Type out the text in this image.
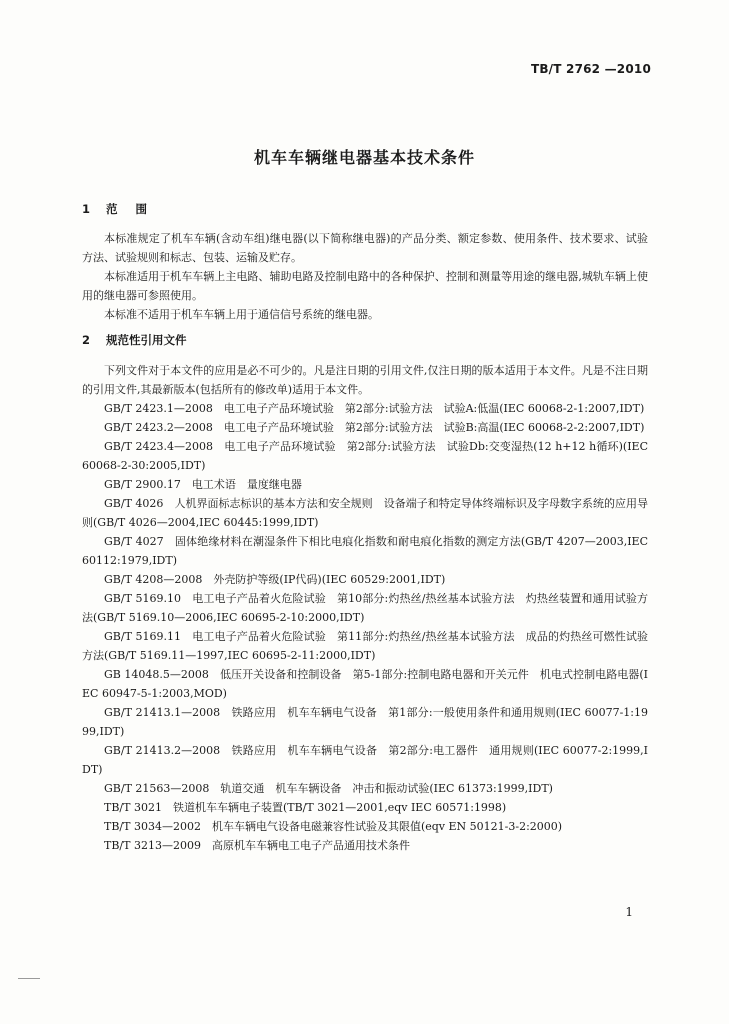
TB/T 2762 —2010
机车车辆继电器基本技术条件
1 范围

本标准规定了机车车辆(含动车组)继电器(以下简称继电器)的产品分类、额定参数、使用条件、技术要求、试验方法、试验规则和标志、包装、运输及贮存。

本标准适用于机车车辆上主电路、辅助电路及控制电路中的各种保护、控制和测量等用途的继电器,城轨车辆上使用的继电器可参照使用。

本标准不适用于机车车辆上用于通信信号系统的继电器。

2 规范性引用文件

下列文件对于本文件的应用是必不可少的。凡是注日期的引用文件,仅注日期的版本适用于本文件。凡是不注日期的引用文件,其最新版本(包括所有的修改单)适用于本文件。

GB/T 2423.1—2008　电工电子产品环境试验　第2部分:试验方法　试验A:低温(IEC 60068-2-1:2007,IDT)

GB/T 2423.2—2008　电工电子产品环境试验　第2部分:试验方法　试验B:高温(IEC 60068-2-2:2007,IDT)

GB/T 2423.4—2008　电工电子产品环境试验　第2部分:试验方法　试验Db:交变湿热(12 h+12 h循环)(IEC 60068-2-30:2005,IDT)

GB/T 2900.17　电工术语　量度继电器

GB/T 4026　人机界面标志标识的基本方法和安全规则　设备端子和特定导体终端标识及字母数字系统的应用导则(GB/T 4026—2004,IEC 60445:1999,IDT)

GB/T 4027　固体绝缘材料在潮湿条件下相比电痕化指数和耐电痕化指数的测定方法(GB/T 4207—2003,IEC 60112:1979,IDT)

GB/T 4208—2008　外壳防护等级(IP代码)(IEC 60529:2001,IDT)

GB/T 5169.10　电工电子产品着火危险试验　第10部分:灼热丝/热丝基本试验方法　灼热丝装置和通用试验方法(GB/T 5169.10—2006,IEC 60695-2-10:2000,IDT)

GB/T 5169.11　电工电子产品着火危险试验　第11部分:灼热丝/热丝基本试验方法　成品的灼热丝可燃性试验方法(GB/T 5169.11—1997,IEC 60695-2-11:2000,IDT)

GB 14048.5—2008　低压开关设备和控制设备　第5-1部分:控制电路电器和开关元件　机电式控制电路电器(IEC 60947-5-1:2003,MOD)

GB/T 21413.1—2008　铁路应用　机车车辆电气设备　第1部分:一般使用条件和通用规则(IEC 60077-1:1999,IDT)

GB/T 21413.2—2008　铁路应用　机车车辆电气设备　第2部分:电工器件　通用规则(IEC 60077-2:1999,IDT)

GB/T 21563—2008　轨道交通　机车车辆设备　冲击和振动试验(IEC 61373:1999,IDT)

TB/T 3021　铁道机车车辆电子装置(TB/T 3021—2001,eqv IEC 60571:1998)

TB/T 3034—2002　机车车辆电气设备电磁兼容性试验及其限值(eqv EN 50121-3-2:2000)

TB/T 3213—2009　高原机车车辆电工电子产品通用技术条件

1
